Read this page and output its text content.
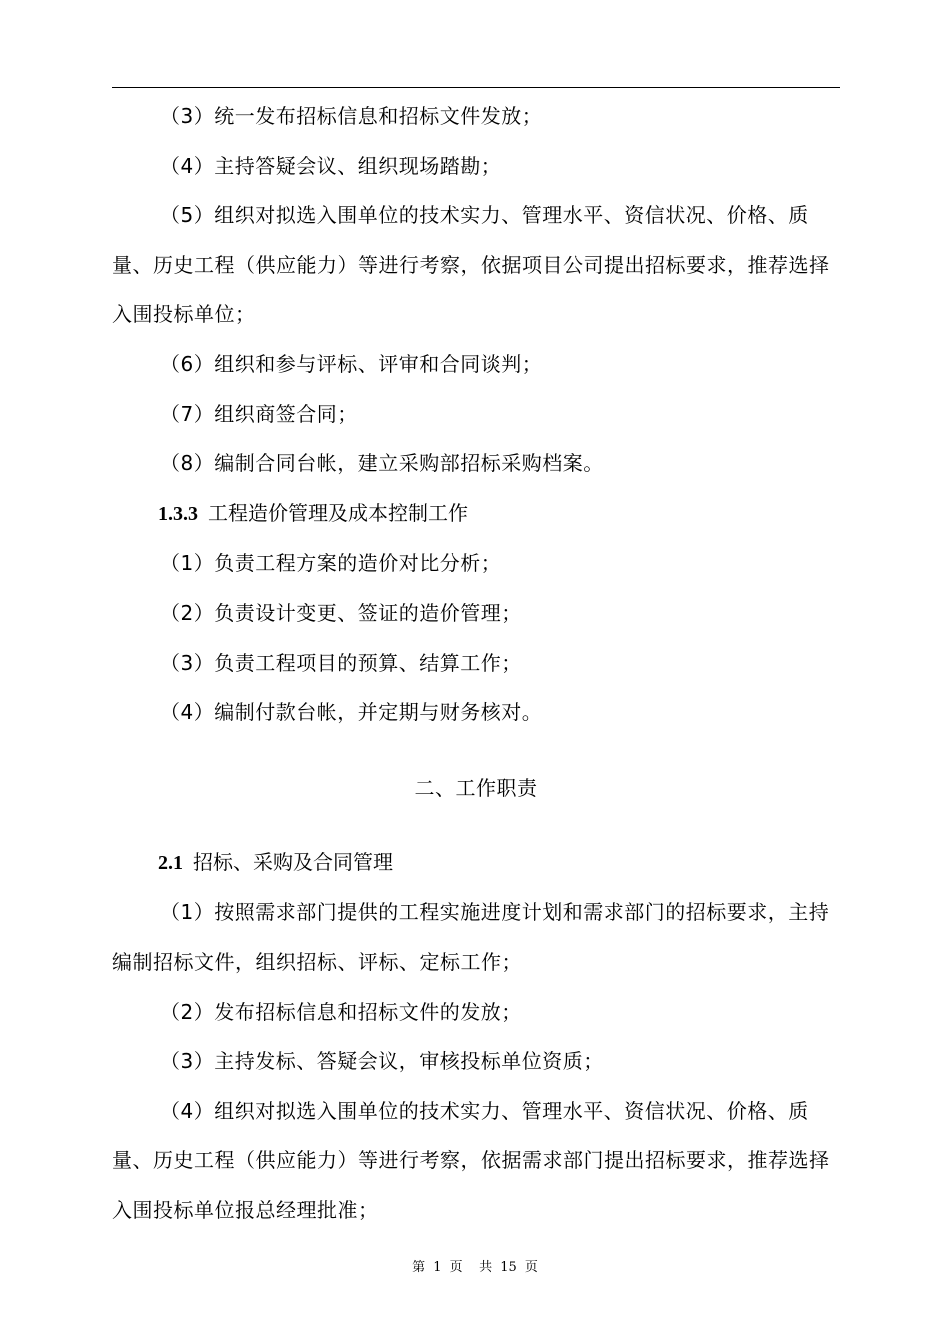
（3）统一发布招标信息和招标文件发放；

（4）主持答疑会议、组织现场踏勘；

（5）组织对拟选入围单位的技术实力、管理水平、资信状况、价格、质量、历史工程（供应能力）等进行考察，依据项目公司提出招标要求，推荐选择入围投标单位；

（6）组织和参与评标、评审和合同谈判；

（7）组织商签合同；

（8）编制合同台帐，建立采购部招标采购档案。

1.3.3 工程造价管理及成本控制工作

（1）负责工程方案的造价对比分析；

（2）负责设计变更、签证的造价管理；

（3）负责工程项目的预算、结算工作；

（4）编制付款台帐，并定期与财务核对。

二、工作职责

2.1 招标、采购及合同管理

（1）按照需求部门提供的工程实施进度计划和需求部门的招标要求，主持编制招标文件，组织招标、评标、定标工作；

（2）发布招标信息和招标文件的发放；

（3）主持发标、答疑会议，审核投标单位资质；

（4）组织对拟选入围单位的技术实力、管理水平、资信状况、价格、质量、历史工程（供应能力）等进行考察，依据需求部门提出招标要求，推荐选择入围投标单位报总经理批准；

第 1 页 共 15 页
